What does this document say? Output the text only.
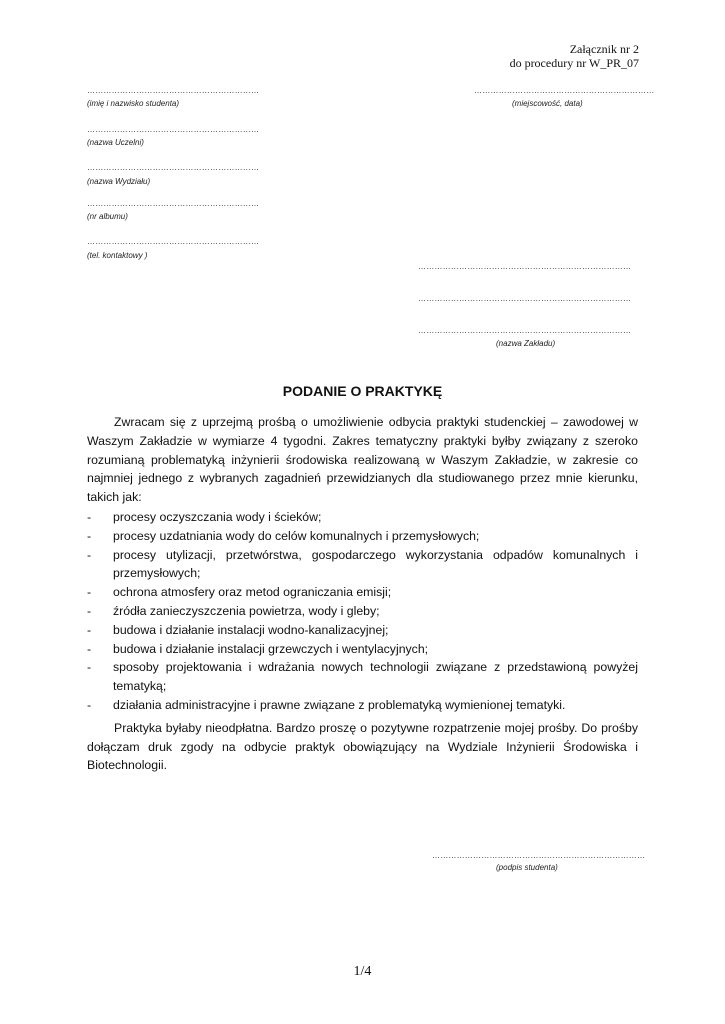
Załącznik nr 2
do procedury nr W_PR_07
………………………………………………………
(imię i nazwisko studenta)
…………………………………………………………
(miejscowość, data)
………………………………………………………
(nazwa Uczelni)
………………………………………………………
(nazwa Wydziału)
………………………………………………………
(nr albumu)
………………………………………………………
(tel. kontaktowy )
……………………………………………………………………
……………………………………………………………………
……………………………………………………………………
(nazwa Zakładu)
PODANIE O PRAKTYKĘ

Zwracam się z uprzejmą prośbą o umożliwienie odbycia praktyki studenckiej – zawodowej w Waszym Zakładzie w wymiarze 4 tygodni. Zakres tematyczny praktyki byłby związany z szeroko rozumianą problematyką inżynierii środowiska realizowaną w Waszym Zakładzie, w zakresie co najmniej jednego z wybranych zagadnień przewidzianych dla studiowanego przez mnie kierunku, takich jak:

- procesy oczyszczania wody i ścieków;
- procesy uzdatniania wody do celów komunalnych i przemysłowych;
- procesy utylizacji, przetwórstwa, gospodarczego wykorzystania odpadów komunalnych i przemysłowych;
- ochrona atmosfery oraz metod ograniczania emisji;
- źródła zanieczyszczenia powietrza, wody i gleby;
- budowa i działanie instalacji wodno-kanalizacyjnej;
- budowa i działanie instalacji grzewczych i wentylacyjnych;
- sposoby projektowania i wdrażania nowych technologii związane z przedstawioną powyżej tematyką;
- działania administracyjne i prawne związane z problematyką wymienionej tematyki.

Praktyka byłaby nieodpłatna. Bardzo proszę o pozytywne rozpatrzenie mojej prośby. Do prośby dołączam druk zgody na odbycie praktyk obowiązujący na Wydziale Inżynierii Środowiska i Biotechnologii.

……………………………………………………………………
(podpis studenta)
1/4
